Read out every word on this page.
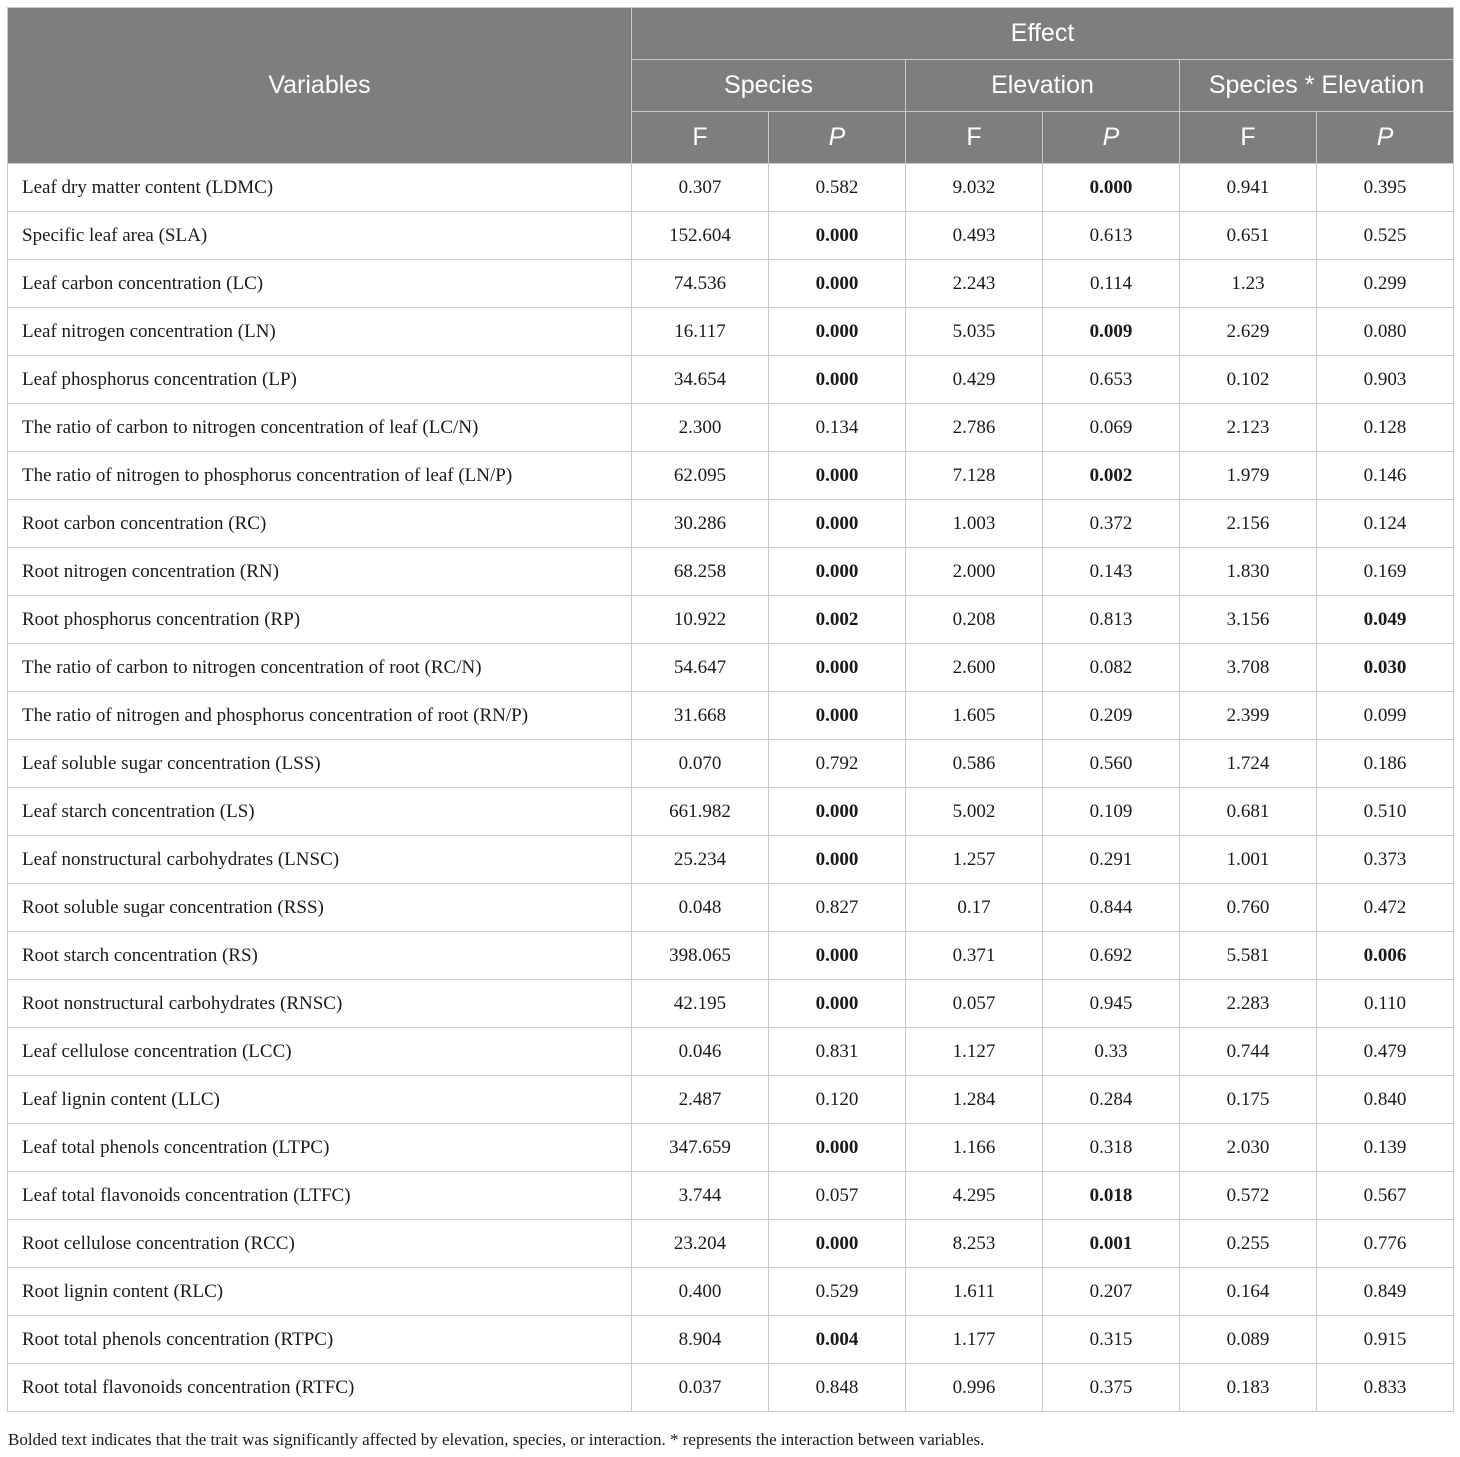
Variables	Effect					
	Species		Elevation		Species * Elevation	
	F	P	F	P	F	P
Leaf dry matter content (LDMC)	0.307	0.582	9.032	0.000	0.941	0.395
Specific leaf area (SLA)	152.604	0.000	0.493	0.613	0.651	0.525
Leaf carbon concentration (LC)	74.536	0.000	2.243	0.114	1.23	0.299
Leaf nitrogen concentration (LN)	16.117	0.000	5.035	0.009	2.629	0.080
Leaf phosphorus concentration (LP)	34.654	0.000	0.429	0.653	0.102	0.903
The ratio of carbon to nitrogen concentration of leaf (LC/N)	2.300	0.134	2.786	0.069	2.123	0.128
The ratio of nitrogen to phosphorus concentration of leaf (LN/P)	62.095	0.000	7.128	0.002	1.979	0.146
Root carbon concentration (RC)	30.286	0.000	1.003	0.372	2.156	0.124
Root nitrogen concentration (RN)	68.258	0.000	2.000	0.143	1.830	0.169
Root phosphorus concentration (RP)	10.922	0.002	0.208	0.813	3.156	0.049
The ratio of carbon to nitrogen concentration of root (RC/N)	54.647	0.000	2.600	0.082	3.708	0.030
The ratio of nitrogen and phosphorus concentration of root (RN/P)	31.668	0.000	1.605	0.209	2.399	0.099
Leaf soluble sugar concentration (LSS)	0.070	0.792	0.586	0.560	1.724	0.186
Leaf starch concentration (LS)	661.982	0.000	5.002	0.109	0.681	0.510
Leaf nonstructural carbohydrates (LNSC)	25.234	0.000	1.257	0.291	1.001	0.373
Root soluble sugar concentration (RSS)	0.048	0.827	0.17	0.844	0.760	0.472
Root starch concentration (RS)	398.065	0.000	0.371	0.692	5.581	0.006
Root nonstructural carbohydrates (RNSC)	42.195	0.000	0.057	0.945	2.283	0.110
Leaf cellulose concentration (LCC)	0.046	0.831	1.127	0.33	0.744	0.479
Leaf lignin content (LLC)	2.487	0.120	1.284	0.284	0.175	0.840
Leaf total phenols concentration (LTPC)	347.659	0.000	1.166	0.318	2.030	0.139
Leaf total flavonoids concentration (LTFC)	3.744	0.057	4.295	0.018	0.572	0.567
Root cellulose concentration (RCC)	23.204	0.000	8.253	0.001	0.255	0.776
Root lignin content (RLC)	0.400	0.529	1.611	0.207	0.164	0.849
Root total phenols concentration (RTPC)	8.904	0.004	1.177	0.315	0.089	0.915
Root total flavonoids concentration (RTFC)	0.037	0.848	0.996	0.375	0.183	0.833
Bolded text indicates that the trait was significantly affected by elevation, species, or interaction. * represents the interaction between variables.
